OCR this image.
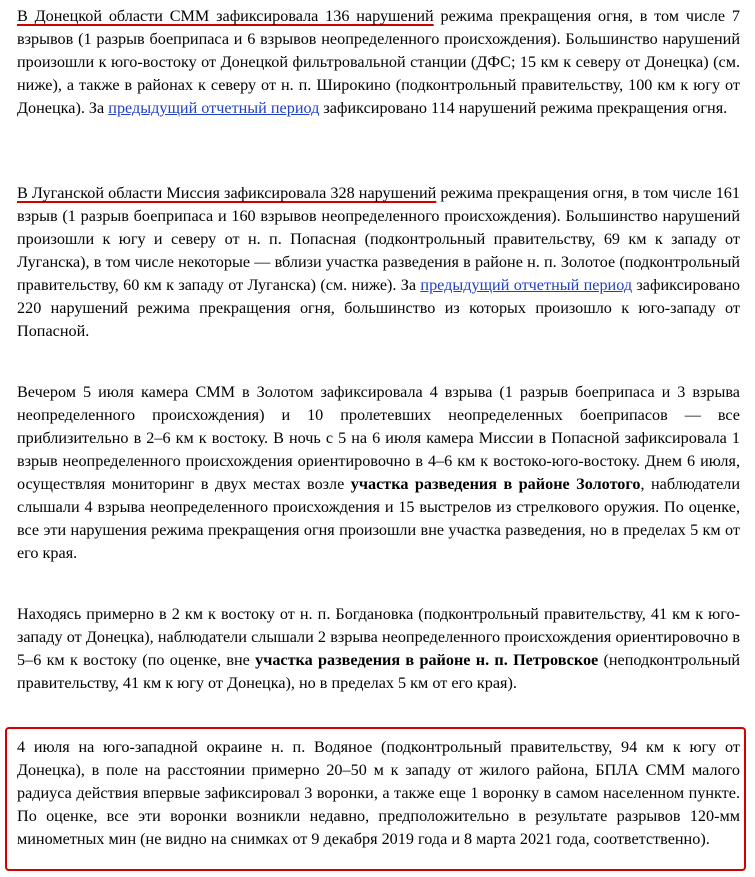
В Донецкой области СММ зафиксировала 136 нарушений режима прекращения огня, в том числе 7 взрывов (1 разрыв боеприпаса и 6 взрывов неопределенного происхождения). Большинство нарушений произошли к юго-востоку от Донецкой фильтровальной станции (ДФС; 15 км к северу от Донецка) (см. ниже), а также в районах к северу от н. п. Широкино (подконтрольный правительству, 100 км к югу от Донецка). За предыдущий отчетный период зафиксировано 114 нарушений режима прекращения огня.

В Луганской области Миссия зафиксировала 328 нарушений режима прекращения огня, в том числе 161 взрыв (1 разрыв боеприпаса и 160 взрывов неопределенного происхождения). Большинство нарушений произошли к югу и северу от н. п. Попасная (подконтрольный правительству, 69 км к западу от Луганска), в том числе некоторые — вблизи участка разведения в районе н. п. Золотое (подконтрольный правительству, 60 км к западу от Луганска) (см. ниже). За предыдущий отчетный период зафиксировано 220 нарушений режима прекращения огня, большинство из которых произошло к юго-западу от Попасной.

Вечером 5 июля камера СММ в Золотом зафиксировала 4 взрыва (1 разрыв боеприпаса и 3 взрыва неопределенного происхождения) и 10 пролетевших неопределенных боеприпасов — все приблизительно в 2–6 км к востоку. В ночь с 5 на 6 июля камера Миссии в Попасной зафиксировала 1 взрыв неопределенного происхождения ориентировочно в 4–6 км к востоко-юго-востоку. Днем 6 июля, осуществляя мониторинг в двух местах возле участка разведения в районе Золотого, наблюдатели слышали 4 взрыва неопределенного происхождения и 15 выстрелов из стрелкового оружия. По оценке, все эти нарушения режима прекращения огня произошли вне участка разведения, но в пределах 5 км от его края.

Находясь примерно в 2 км к востоку от н. п. Богдановка (подконтрольный правительству, 41 км к юго-западу от Донецка), наблюдатели слышали 2 взрыва неопределенного происхождения ориентировочно в 5–6 км к востоку (по оценке, вне участка разведения в районе н. п. Петровское (неподконтрольный правительству, 41 км к югу от Донецка), но в пределах 5 км от его края).

4 июля на юго-западной окраине н. п. Водяное (подконтрольный правительству, 94 км к югу от Донецка), в поле на расстоянии примерно 20–50 м к западу от жилого района, БПЛА СММ малого радиуса действия впервые зафиксировал 3 воронки, а также еще 1 воронку в самом населенном пункте. По оценке, все эти воронки возникли недавно, предположительно в результате разрывов 120-мм минометных мин (не видно на снимках от 9 декабря 2019 года и 8 марта 2021 года, соответственно).
